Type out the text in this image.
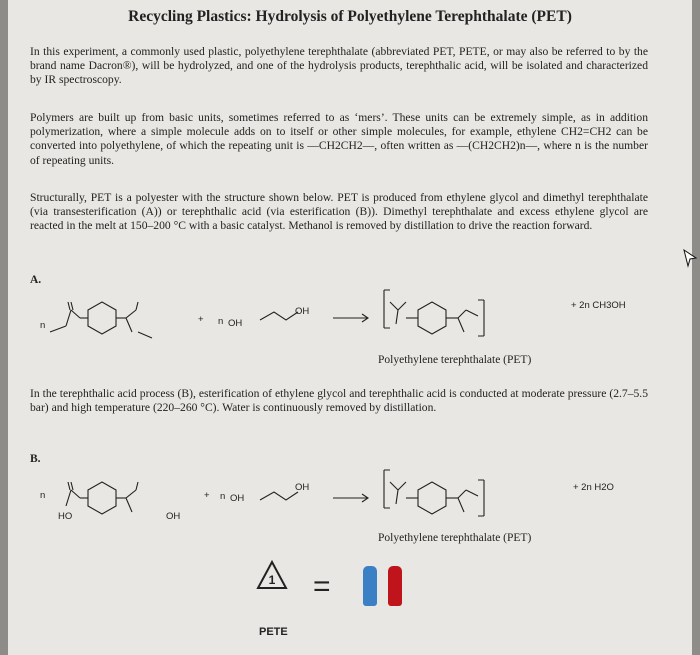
Recycling Plastics: Hydrolysis of Polyethylene Terephthalate (PET)
In this experiment, a commonly used plastic, polyethylene terephthalate (abbreviated PET, PETE, or may also be referred to by the brand name Dacron®), will be hydrolyzed, and one of the hydrolysis products, terephthalic acid, will be isolated and characterized by IR spectroscopy.
Polymers are built up from basic units, sometimes referred to as ‘mers’. These units can be extremely simple, as in addition polymerization, where a simple molecule adds on to itself or other simple molecules, for example, ethylene CH2=CH2 can be converted into polyethylene, of which the repeating unit is —CH2CH2—, often written as —(CH2CH2)n—, where n is the number of repeating units.
Structurally, PET is a polyester with the structure shown below. PET is produced from ethylene glycol and dimethyl terephthalate (via transesterification (A)) or terephthalic acid (via esterification (B)). Dimethyl terephthalate and excess ethylene glycol are reacted in the melt at 150–200 °C with a basic catalyst. Methanol is removed by distillation to drive the reaction forward.
A.
n
+ n OH
OH
+ 2n CH3OH
Polyethylene terephthalate (PET)
In the terephthalic acid process (B), esterification of ethylene glycol and terephthalic acid is conducted at moderate pressure (2.7–5.5 bar) and high temperature (220–260 °C). Water is continuously removed by distillation.
B.
n
HO	OH
+ n OH
OH	+ 2n H2O
Polyethylene terephthalate (PET)
1
PETE
=
